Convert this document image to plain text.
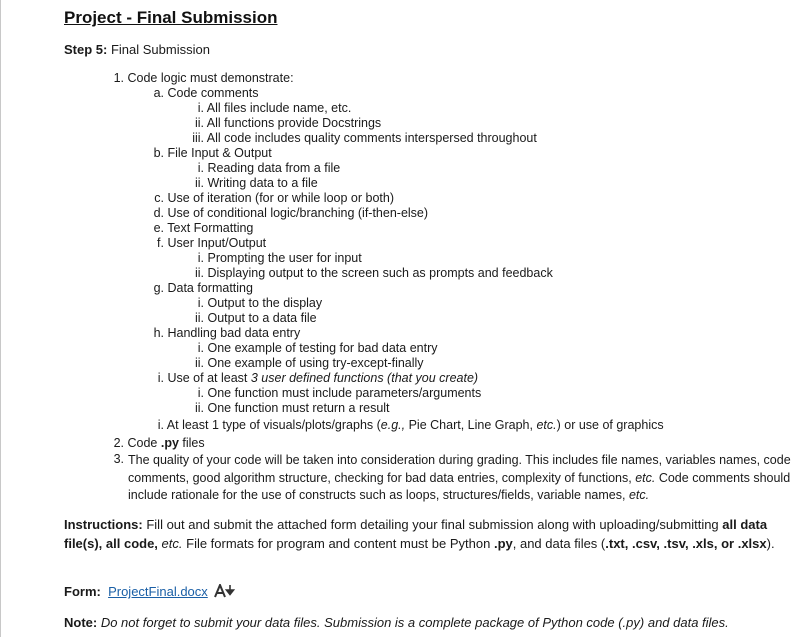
Project - Final Submission
Step 5: Final Submission
1. Code logic must demonstrate:
a. Code comments
i. All files include name, etc.
ii. All functions provide Docstrings
iii. All code includes quality comments interspersed throughout
b. File Input & Output
i. Reading data from a file
ii. Writing data to a file
c. Use of iteration (for or while loop or both)
d. Use of conditional logic/branching (if-then-else)
e. Text Formatting
f. User Input/Output
i. Prompting the user for input
ii. Displaying output to the screen such as prompts and feedback
g. Data formatting
i. Output to the display
ii. Output to a data file
h. Handling bad data entry
i. One example of testing for bad data entry
ii. One example of using try-except-finally
i. Use of at least 3 user defined functions (that you create)
i. One function must include parameters/arguments
ii. One function must return a result
i. At least 1 type of visuals/plots/graphs (e.g., Pie Chart, Line Graph, etc.) or use of graphics
2. Code .py files
3. The quality of your code will be taken into consideration during grading. This includes file names, variables names, code comments, good algorithm structure, checking for bad data entries, complexity of functions, etc. Code comments should include rationale for the use of constructs such as loops, structures/fields, variable names, etc.
Instructions: Fill out and submit the attached form detailing your final submission along with uploading/submitting all data file(s), all code, etc. File formats for program and content must be Python .py, and data files (.txt, .csv, .tsv, .xls, or .xlsx).
Form: ProjectFinal.docx
Note: Do not forget to submit your data files. Submission is a complete package of Python code (.py) and data files.
